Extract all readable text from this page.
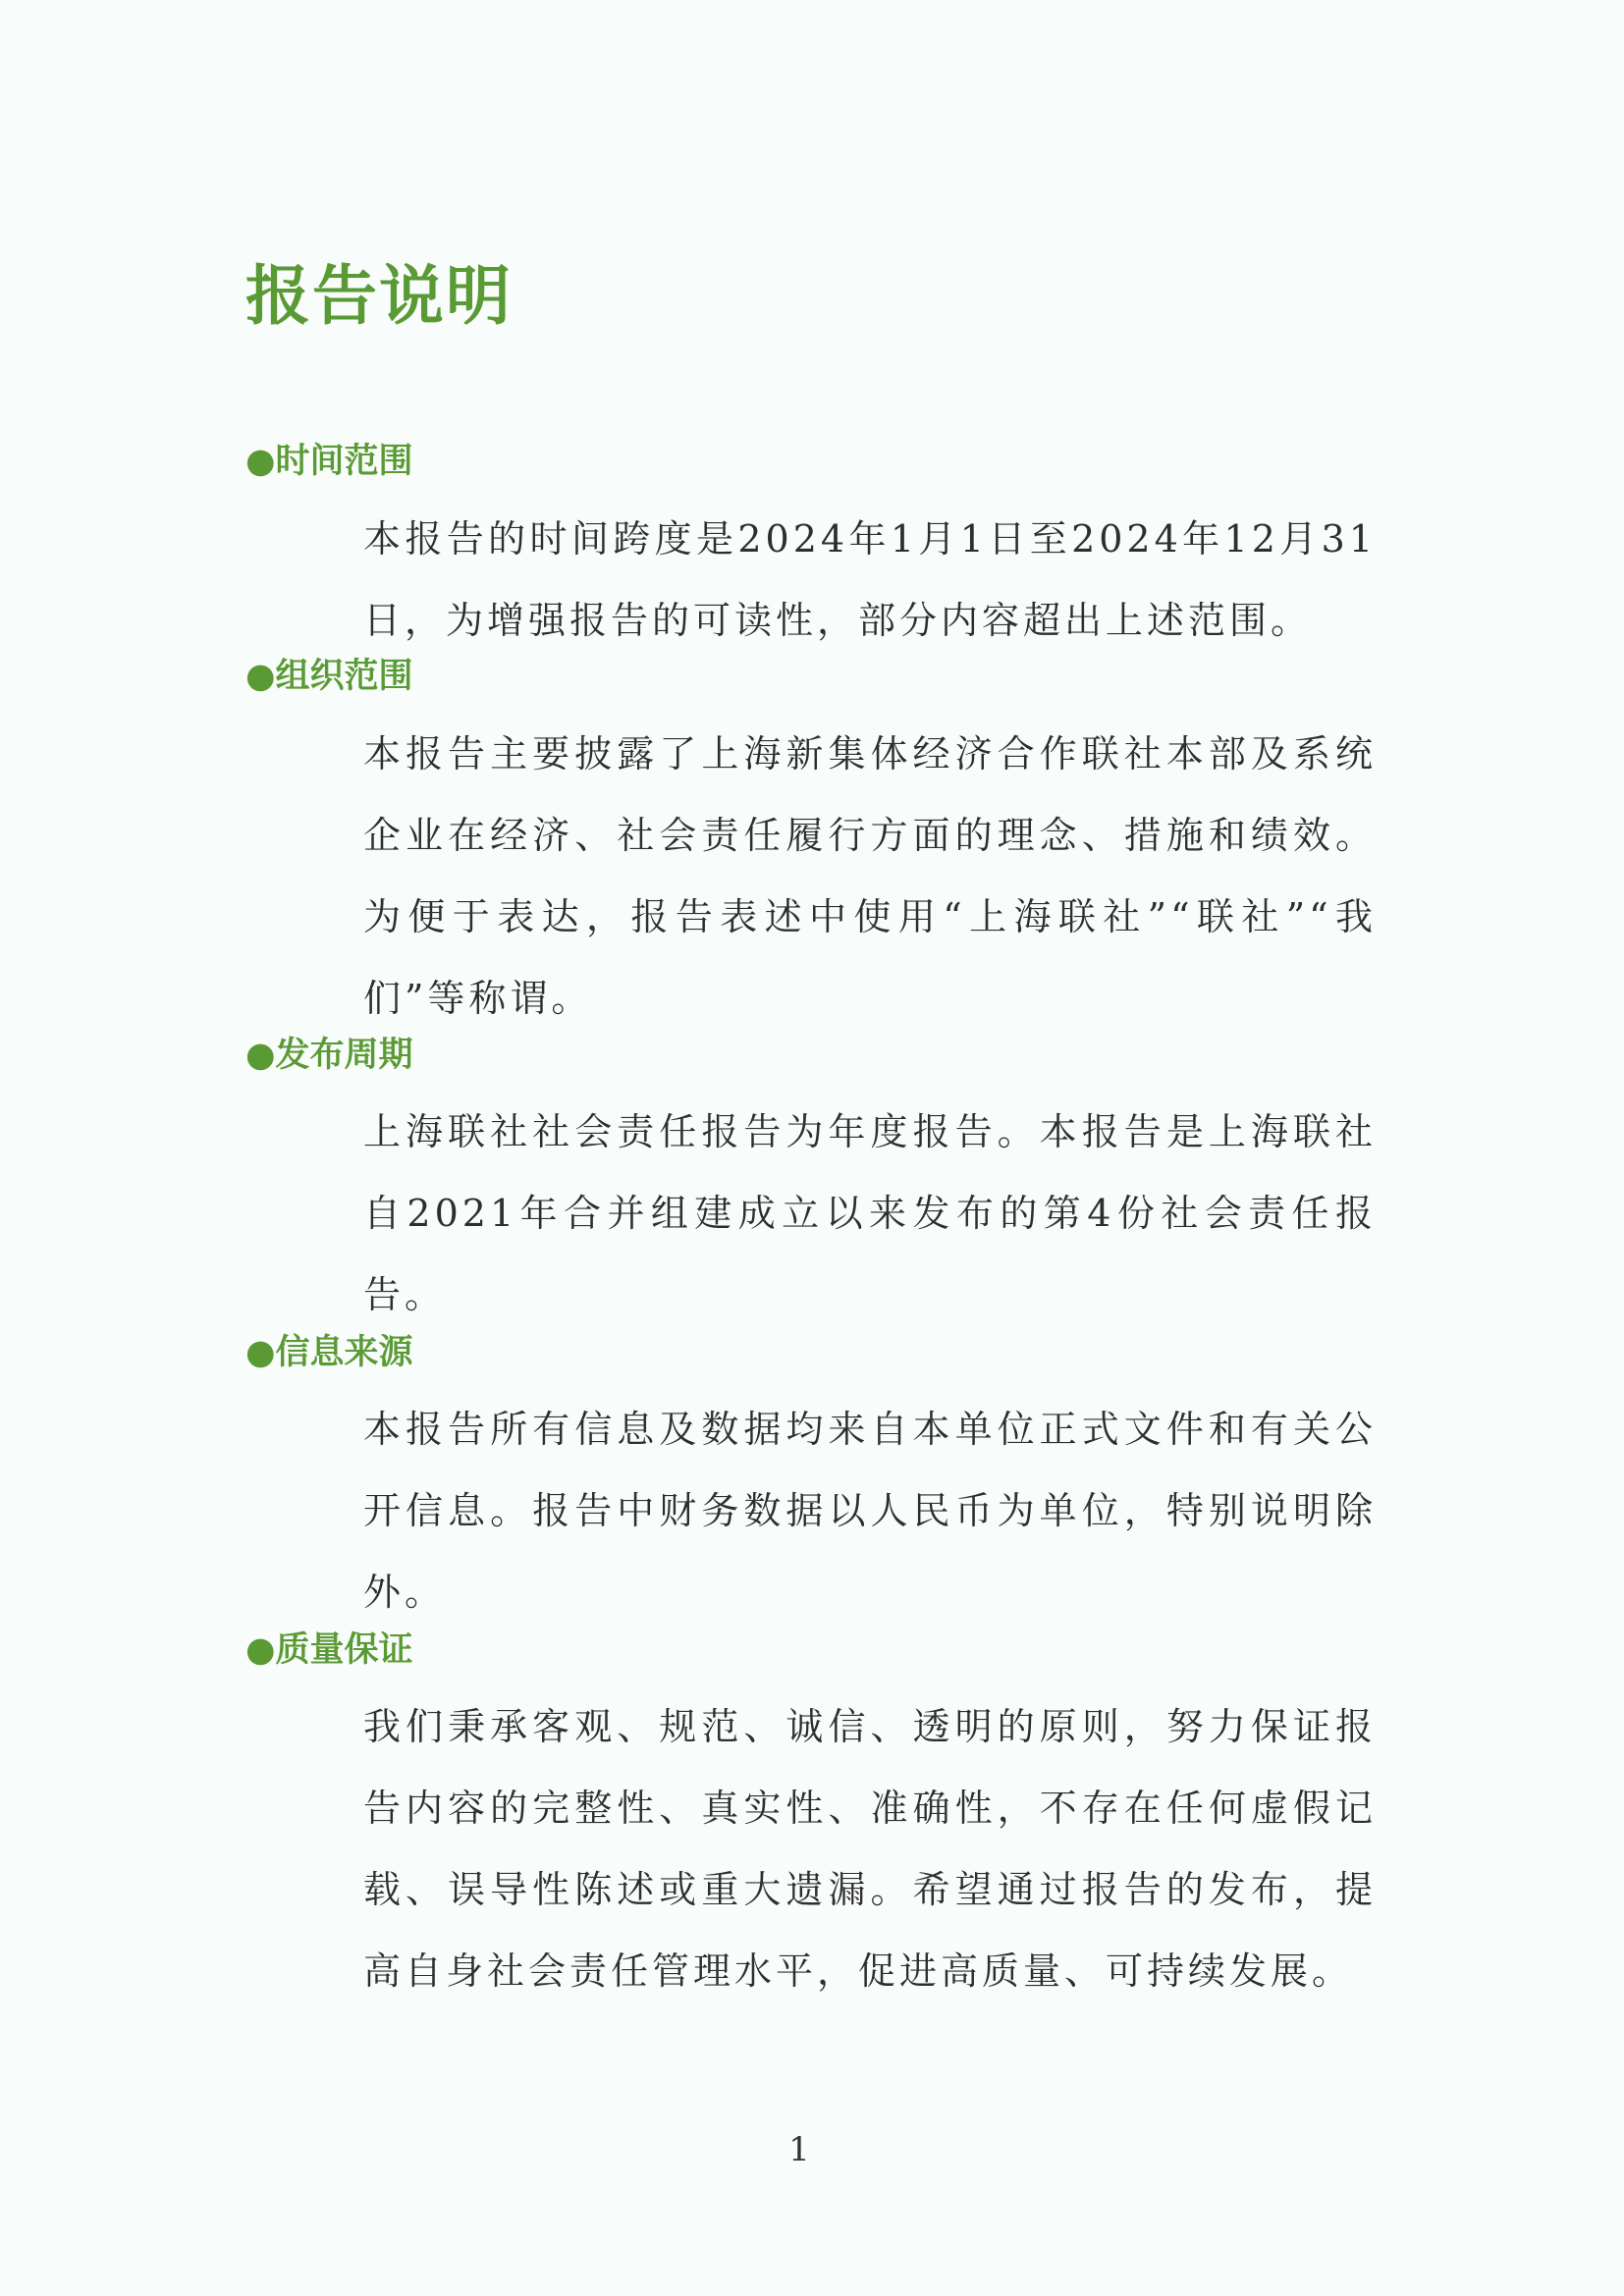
报告说明
●时间范围

本报告的时间跨度是2024年1月1日至2024年12月31日，为增强报告的可读性，部分内容超出上述范围。

●组织范围

本报告主要披露了上海新集体经济合作联社本部及系统企业在经济、社会责任履行方面的理念、措施和绩效。为便于表达，报告表述中使用“上海联社”“联社”“我们”等称谓。

●发布周期

上海联社社会责任报告为年度报告。本报告是上海联社自2021年合并组建成立以来发布的第4份社会责任报告。

●信息来源

本报告所有信息及数据均来自本单位正式文件和有关公开信息。报告中财务数据以人民币为单位，特别说明除外。

●质量保证

我们秉承客观、规范、诚信、透明的原则，努力保证报告内容的完整性、真实性、准确性，不存在任何虚假记载、误导性陈述或重大遗漏。希望通过报告的发布，提高自身社会责任管理水平，促进高质量、可持续发展。

1
